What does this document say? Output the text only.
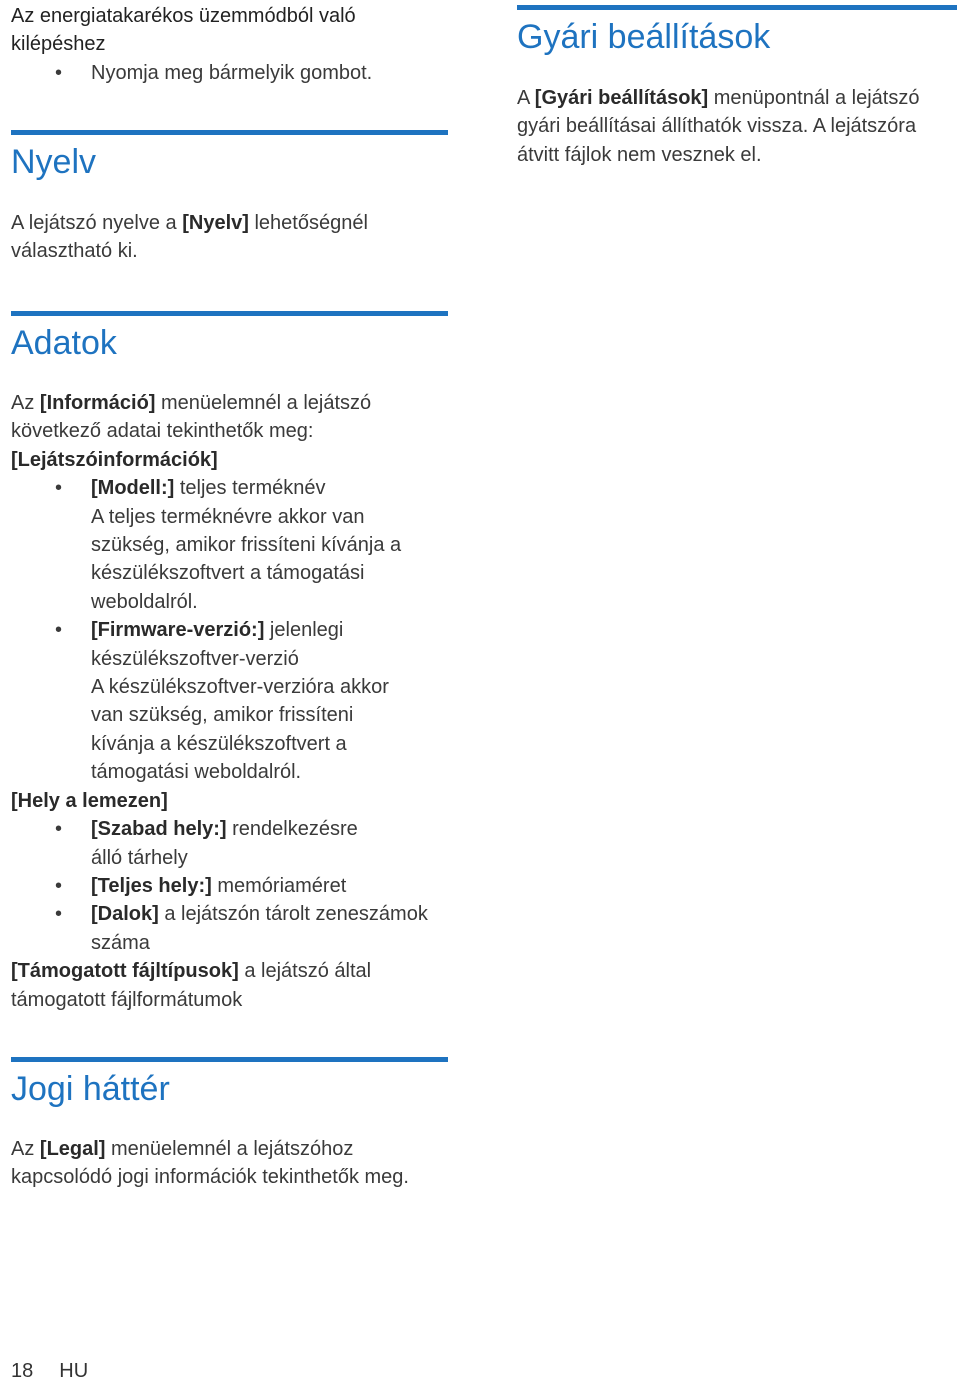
Az energiatakarékos üzemmódból való kilépéshez

• Nyomja meg bármelyik gombot.
Nyelv

A lejátszó nyelve a [Nyelv] lehetőségnél választható ki.

Adatok

Az [Információ] menüelemnél a lejátszó következő adatai tekinthetők meg:

[Lejátszóinformációk]

• [Modell:] teljes terméknév
A teljes terméknévre akkor van szükség, amikor frissíteni kívánja a készülékszoftvert a támogatási weboldalról.
• [Firmware-verzió:] jelenlegi készülékszoftver-verzió
A készülékszoftver-verzióra akkor van szükség, amikor frissíteni kívánja a készülékszoftvert a támogatási weboldalról.

[Hely a lemezen]

• [Szabad hely:] rendelkezésre álló tárhely
• [Teljes hely:] memóriaméret
• [Dalok] a lejátszón tárolt zeneszámok száma

[Támogatott fájltípusok] a lejátszó által támogatott fájlformátumok

Jogi háttér

Az [Legal] menüelemnél a lejátszóhoz kapcsolódó jogi információk tekinthetők meg.

Gyári beállítások

A [Gyári beállítások] menüpontnál a lejátszó gyári beállításai állíthatók vissza. A lejátszóra átvitt fájlok nem vesznek el.

18 HU
